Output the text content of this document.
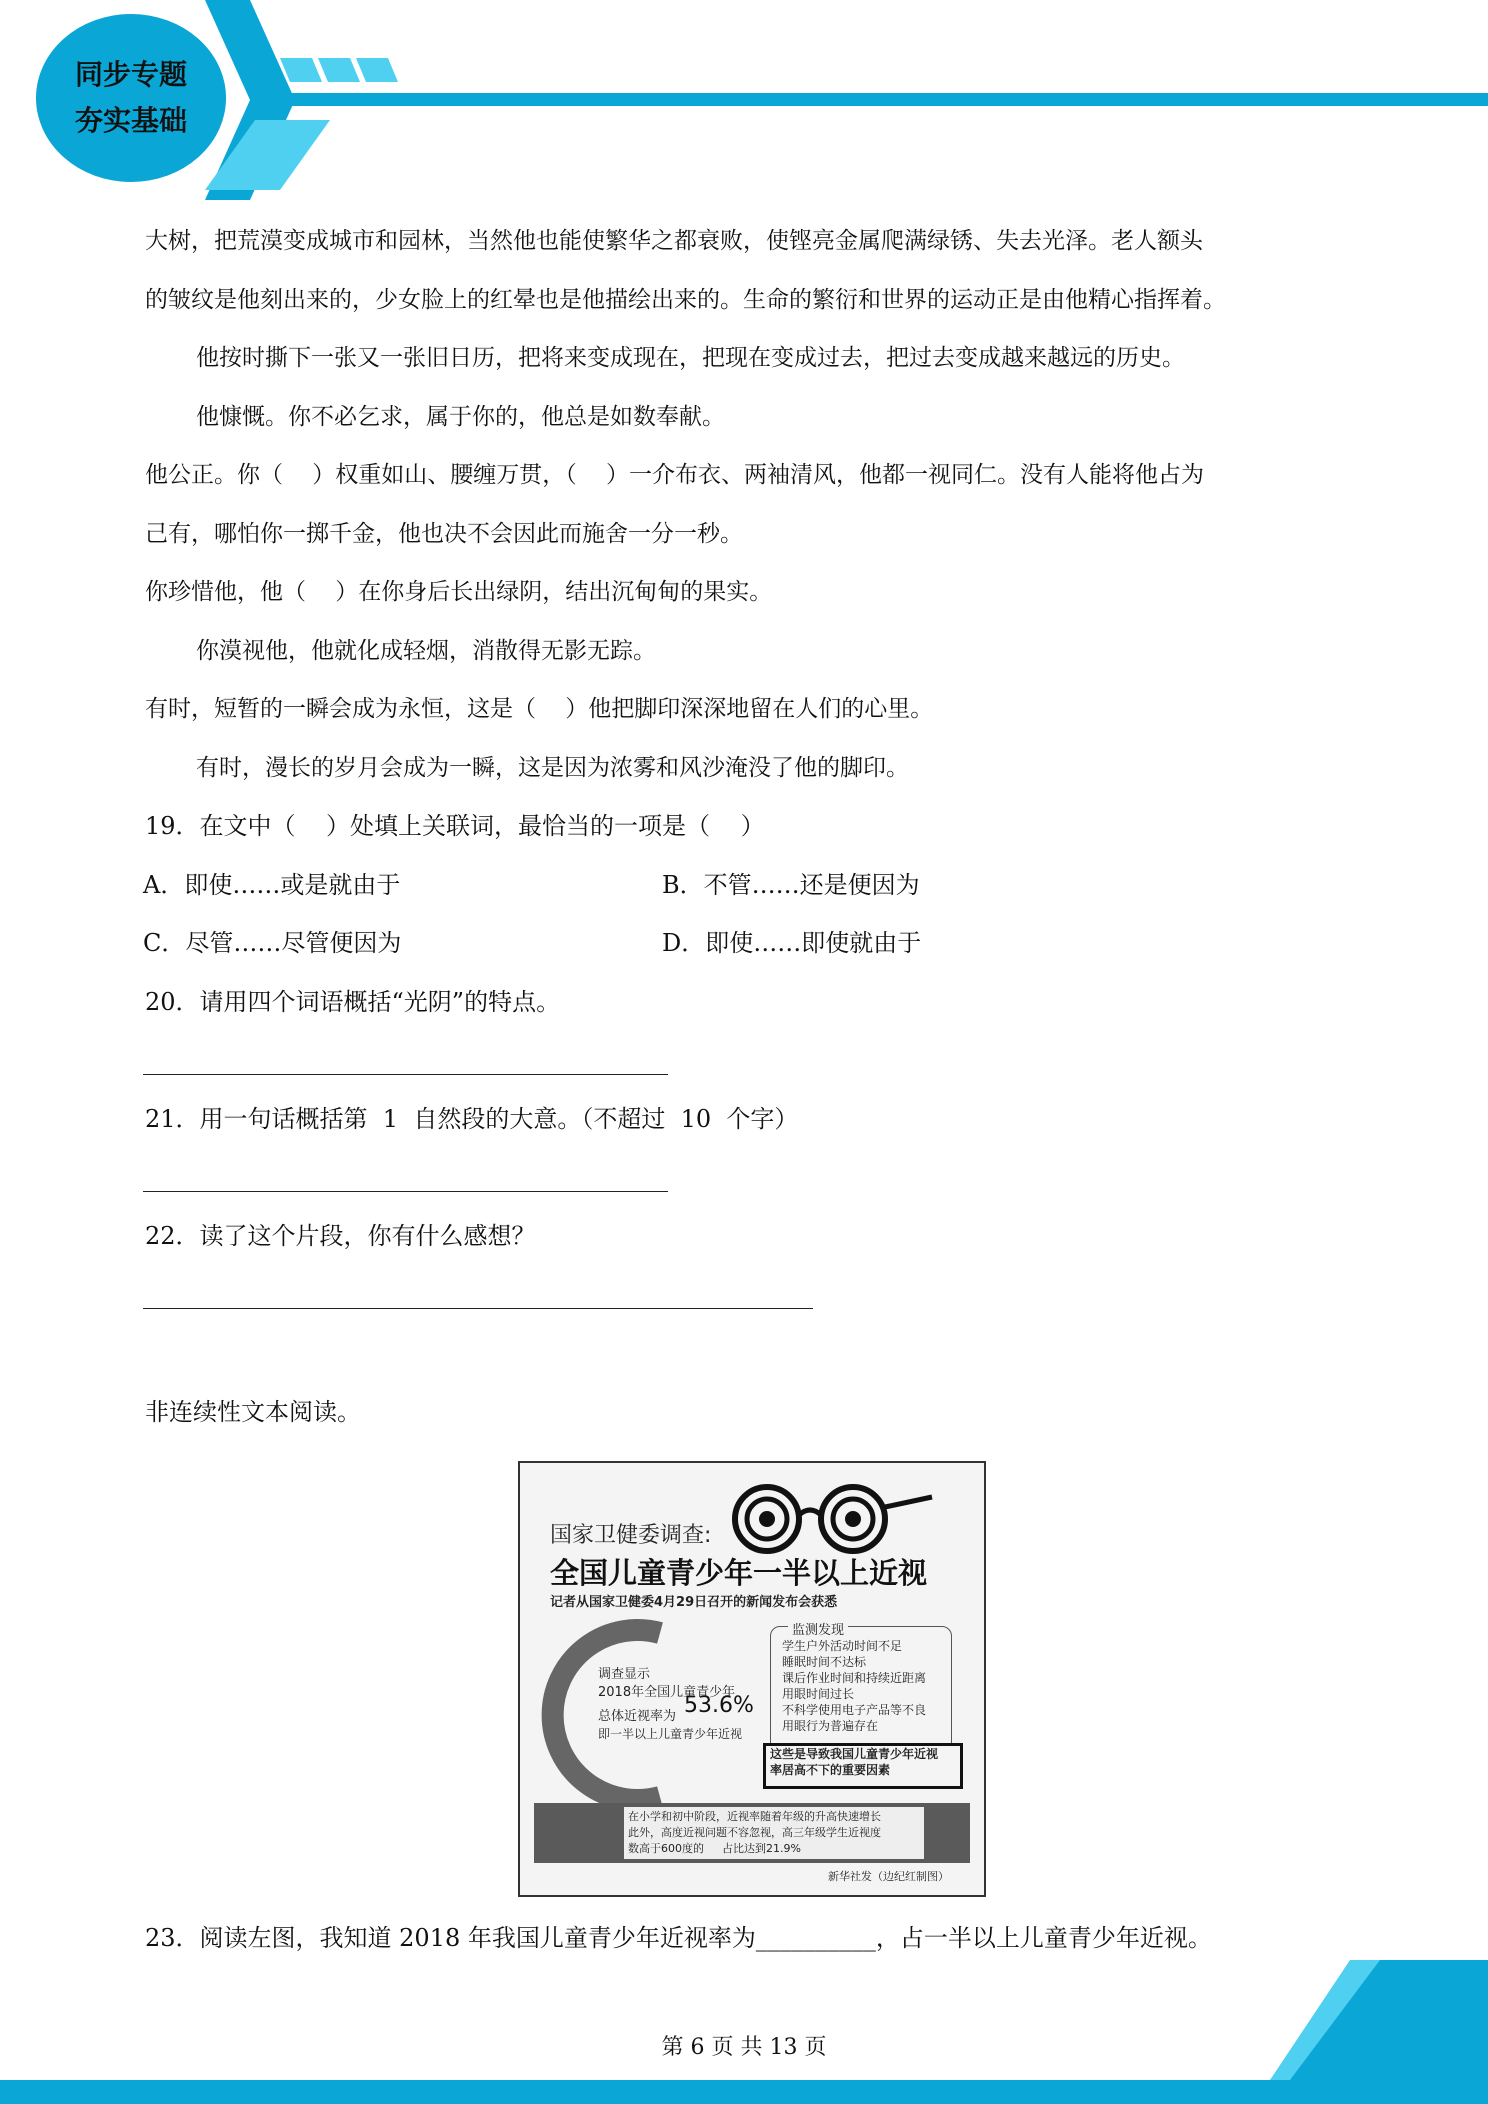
同步专题
夯实基础
大树，把荒漠变成城市和园林，当然他也能使繁华之都衰败，使铿亮金属爬满绿锈、失去光泽。老人额头
的皱纹是他刻出来的，少女脸上的红晕也是他描绘出来的。生命的繁衍和世界的运动正是由他精心指挥着。
他按时撕下一张又一张旧日历，把将来变成现在，把现在变成过去，把过去变成越来越远的历史。
他慷慨。你不必乞求，属于你的，他总是如数奉献。
他公正。你（    ）权重如山、腰缠万贯，（    ）一介布衣、两袖清风，他都一视同仁。没有人能将他占为
己有，哪怕你一掷千金，他也决不会因此而施舍一分一秒。
你珍惜他，他（    ）在你身后长出绿阴，结出沉甸甸的果实。
你漠视他，他就化成轻烟，消散得无影无踪。
有时，短暂的一瞬会成为永恒，这是（    ）他把脚印深深地留在人们的心里。
有时，漫长的岁月会成为一瞬，这是因为浓雾和风沙淹没了他的脚印。
19．在文中（    ）处填上关联词，最恰当的一项是（    ）
A．即使……或是就由于	B．不管……还是便因为
C．尽管……尽管便因为	D．即使……即使就由于
20．请用四个词语概括“光阴”的特点。
21．用一句话概括第  1  自然段的大意。（不超过  10  个字）
22．读了这个片段，你有什么感想？
非连续性文本阅读。
国家卫健委调查:
全国儿童青少年一半以上近视
记者从国家卫健委4月29日召开的新闻发布会获悉
调查显示
2018年全国儿童青少年
总体近视率为 53.6%
即一半以上儿童青少年近视
监测发现
学生户外活动时间不足
睡眠时间不达标
课后作业时间和持续近距离
用眼时间过长
不科学使用电子产品等不良
用眼行为普遍存在
这些是导致我国儿童青少年近视
率居高不下的重要因素
在小学和初中阶段，近视率随着年级的升高快速增长
此外，高度近视问题不容忽视，高三年级学生近视度
数高于600度的 占比达到21.9%
新华社发（边纪红制图）
23．阅读左图，我知道 2018 年我国儿童青少年近视率为__________，占一半以上儿童青少年近视。
第 6 页 共 13 页
